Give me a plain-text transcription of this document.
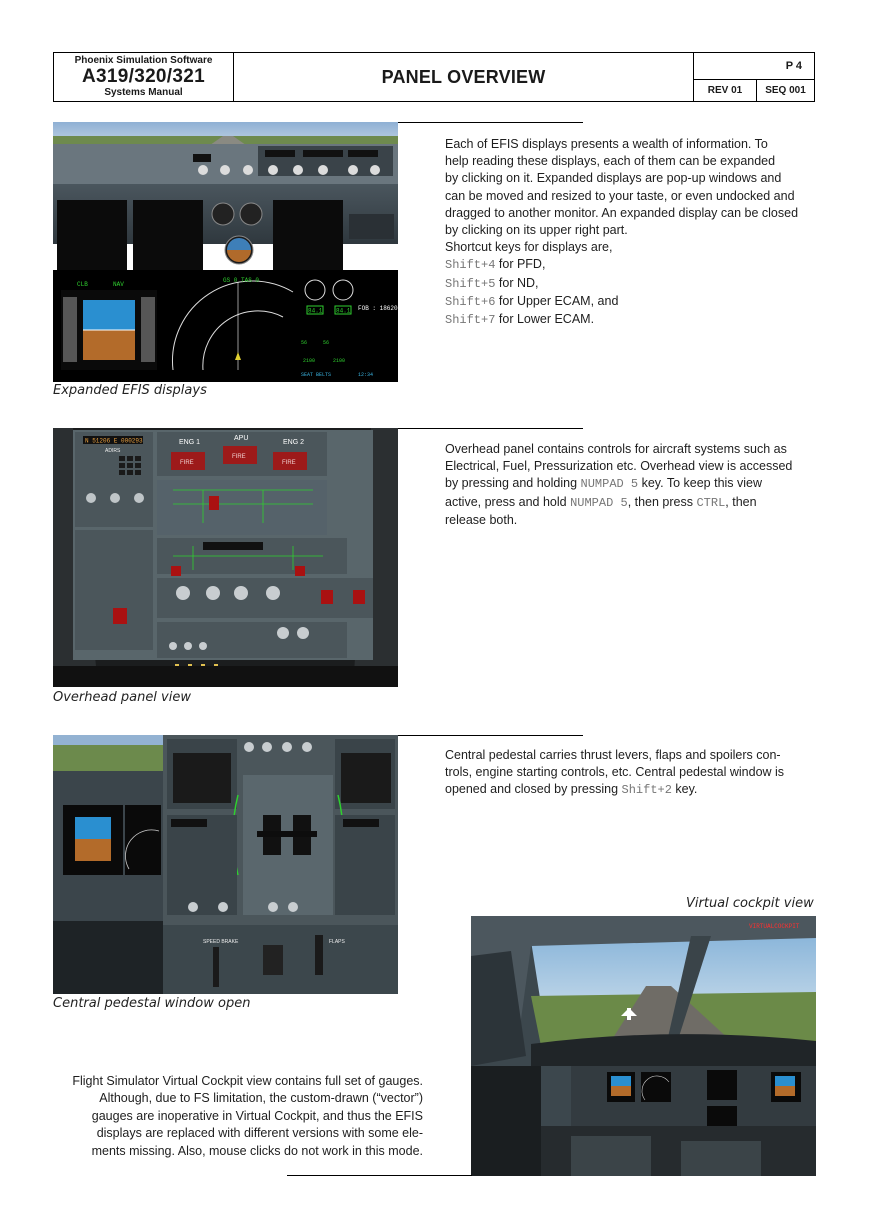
Phoenix Simulation Software
A319/320/321
Systems Manual
PANEL OVERVIEW
P 4
REV 01	SEQ 001
CLB	NAV
GS 0 TAS 0
84.1 84.1 FOB : 18620
56	56
2100	2100
SEAT BELTS	12:34
Expanded EFIS displays
Each of EFIS displays presents a wealth of information. To
help reading these displays, each of them can be expanded
by clicking on it. Expanded displays are pop-up windows and
can be moved and resized to your taste, or even undocked and
dragged to another monitor. An expanded display can be closed
by clicking on its upper right part.
Shortcut keys for displays are,
Shift+4 for PFD,
Shift+5 for ND,
Shift+6 for Upper ECAM, and
Shift+7 for Lower ECAM.
N 51206 E 000293
ADIRS
ENG 1
APU
ENG 2
FIRE
FIRE
FIRE
Overhead panel view
Overhead panel contains controls for aircraft systems such as
Electrical, Fuel, Pressurization etc. Overhead view is accessed
by pressing and holding NUMPAD 5 key. To keep this view
active, press and hold NUMPAD 5, then press CTRL, then
release both.
SPEED BRAKE	FLAPS
Central pedestal window open
Central pedestal carries thrust levers, flaps and spoilers con-
trols, engine starting controls, etc. Central pedestal window is
opened and closed by pressing Shift+2 key.
Virtual cockpit view
VIRTUALCOCKPIT
Flight Simulator Virtual Cockpit view contains full set of gauges.
Although, due to FS limitation, the custom-drawn (“vector”)
gauges are inoperative in Virtual Cockpit, and thus the EFIS
displays are replaced with different versions with some ele-
ments missing. Also, mouse clicks do not work in this mode.
